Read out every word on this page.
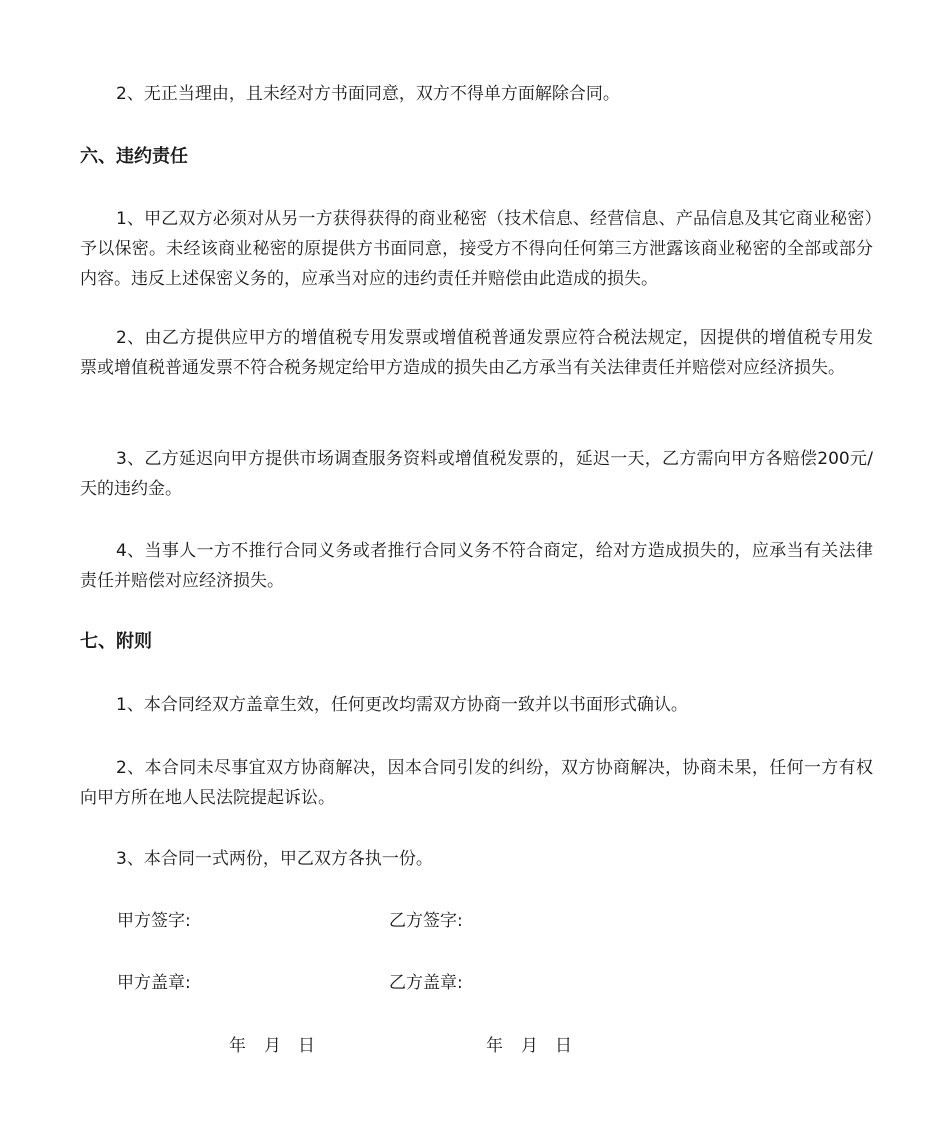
2、无正当理由，且未经对方书面同意，双方不得单方面解除合同。

六、违约责任

1、甲乙双方必须对从另一方获得获得的商业秘密（技术信息、经营信息、产品信息及其它商业秘密）予以保密。未经该商业秘密的原提供方书面同意，接受方不得向任何第三方泄露该商业秘密的全部或部分内容。违反上述保密义务的，应承当对应的违约责任并赔偿由此造成的损失。

2、由乙方提供应甲方的增值税专用发票或增值税普通发票应符合税法规定，因提供的增值税专用发票或增值税普通发票不符合税务规定给甲方造成的损失由乙方承当有关法律责任并赔偿对应经济损失。

3、乙方延迟向甲方提供市场调查服务资料或增值税发票的，延迟一天，乙方需向甲方各赔偿200元/天的违约金。

4、当事人一方不推行合同义务或者推行合同义务不符合商定，给对方造成损失的，应承当有关法律责任并赔偿对应经济损失。

七、附则

1、本合同经双方盖章生效，任何更改均需双方协商一致并以书面形式确认。

2、本合同未尽事宜双方协商解决，因本合同引发的纠纷，双方协商解决，协商未果，任何一方有权向甲方所在地人民法院提起诉讼。

3、本合同一式两份，甲乙双方各执一份。

甲方签字:	乙方签字:
甲方盖章:	乙方盖章:
年 月 日	年 月 日
